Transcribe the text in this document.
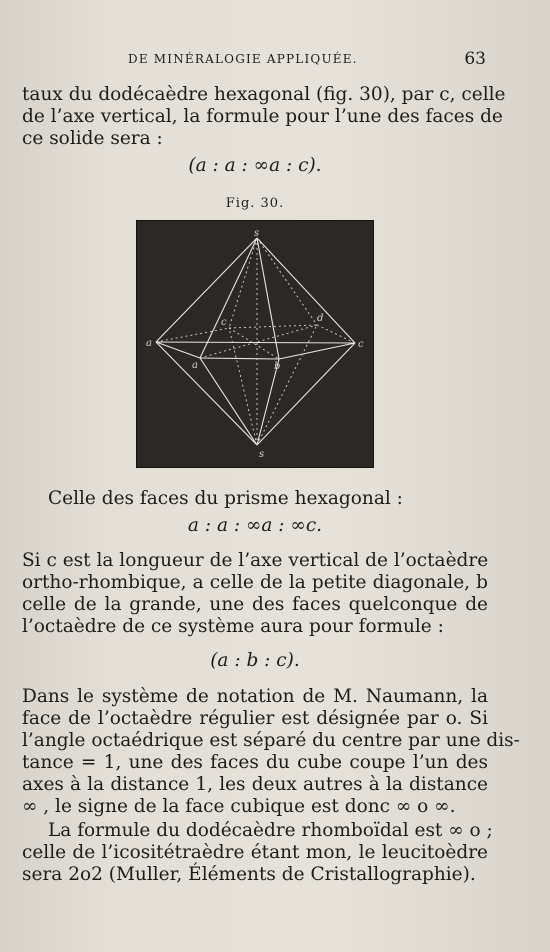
DE MINÉRALOGIE APPLIQUÉE.	63
taux du dodécaèdre hexagonal (fig. 30), par c, celle
de l’axe vertical, la formule pour l’une des faces de
ce solide sera :
(a : a : ∞a : c).
Fig. 30.
s
s
a	c
a	b
c	d
Celle des faces du prisme hexagonal :
a : a : ∞a : ∞c.
Si c est la longueur de l’axe vertical de l’octaèdre
ortho-rhombique, a celle de la petite diagonale, b
celle de la grande, une des faces quelconque de
l’octaèdre de ce système aura pour formule :
(a : b : c).
Dans le système de notation de M. Naumann, la
face de l’octaèdre régulier est désignée par o. Si
l’angle octaédrique est séparé du centre par une dis-
tance = 1, une des faces du cube coupe l’un des
axes à la distance 1, les deux autres à la distance
∞ , le signe de la face cubique est donc ∞ o ∞.
La formule du dodécaèdre rhomboïdal est ∞ o ;
celle de l’icositétraèdre étant mon, le leucitoèdre
sera 2o2 (Muller, Éléments de Cristallographie).
